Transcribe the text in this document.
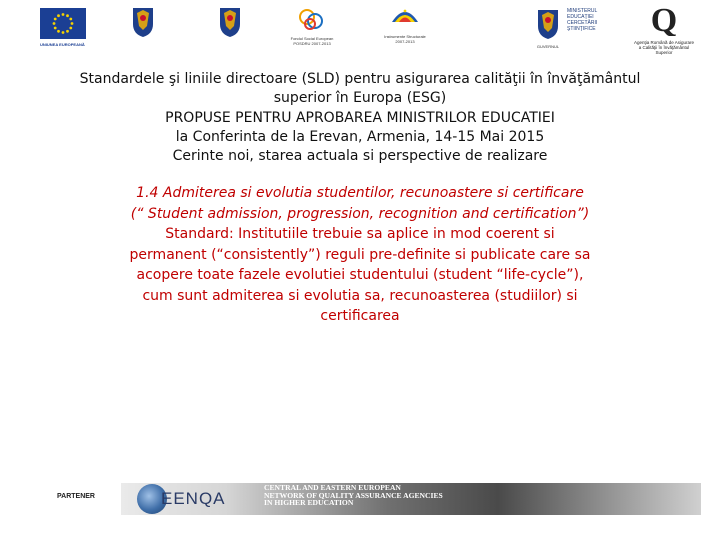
UNIUNEA EUROPEANĂ
Fondul Social European
POSDRU 2007-2013
Instrumente Structurale
2007-2013
GUVERNUL
MINISTERUL EDUCAŢIEI CERCETĂRII ŞTIINŢIFICE	Q
Agenţia Română de Asigurare a Calităţii în Învăţământul Superior
Standardele şi liniile directoare (SLD) pentru asigurarea calităţii în învăţământul
superior în Europa (ESG)
PROPUSE PENTRU APROBAREA MINISTRILOR EDUCATIEI
la Conferinta de la Erevan, Armenia, 14-15 Mai 2015
Cerinte noi, starea actuala si perspective de realizare
1.4 Admiterea si evolutia studentilor, recunoastere si certificare
(“ Student admission, progression, recognition and certification”)
Standard: Institutiile trebuie sa aplice in mod coerent si
permanent (“consistently”) reguli pre-definite si publicate care sa
acopere toate fazele evolutiei studentului (student “life-cycle”),
cum sunt admiterea si evolutia sa, recunoasterea (studiilor) si
certificarea
PARTENER	EENQA
CENTRAL AND EASTERN EUROPEAN
NETWORK OF QUALITY ASSURANCE AGENCIES
IN HIGHER EDUCATION
